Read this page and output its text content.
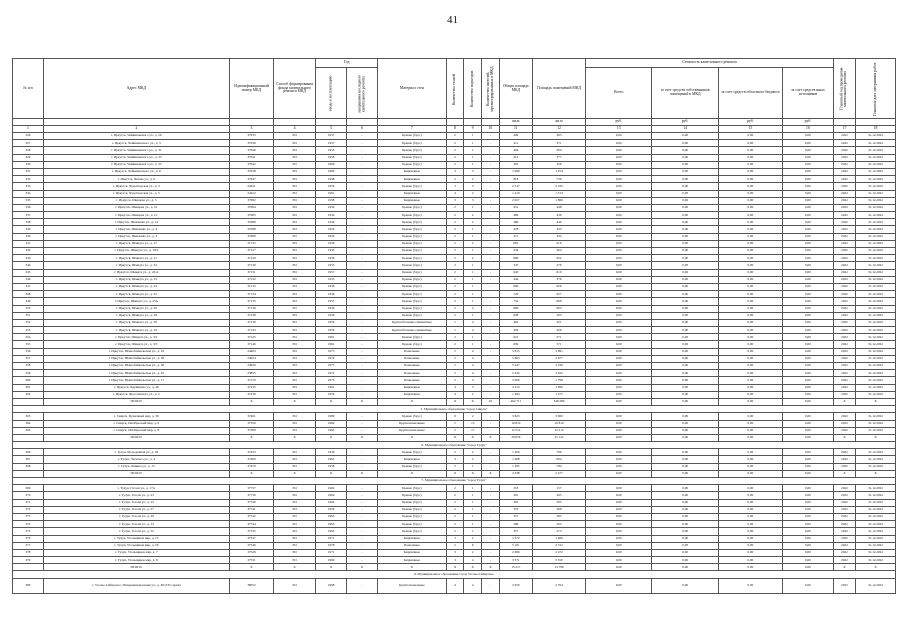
41
№ п/п	Адрес МКД	Идентификационный номер МКД	Способ формирования фонда капитального ремонта МКД	Год		Материал стен	Количество этажей	Количество подъездов	Количество жителей, зарегистрированных в МКД	Общая площадь МКД	Площадь помещений МКД	Стоимость капитального ремонта				Плановый год проведения капитального ремонта	Плановая дата завершения работ
				ввода в эксплуатацию	завершения последнего капитального ремонта							Всего	за счет средств собственников помещений в МКД	за счет средств областного бюджета	за счет средств иных источников		
										кв.м	кв.м	руб.	руб.	руб.	руб.		
1	2	3	4	5	6	7	8	9	10	11	12	13	14	15	16	17	18
326	г. Иркутск, Чайкиновского ул., д. 29	37035	РО	1957	-	Бревно (брус)	2	1	-	409	363	0,00	0,00	0,00	0,00	2022	31.12.2022
327	г. Иркутск, Чайкиновского ул., д. 3	37039	РО	1957	-	Бревно (брус)	2	1	-	411	371	0,00	0,00	0,00	0,00	2022	31.12.2022
328	г. Иркутск, Чайкиновского ул., д. 31	37040	РО	1953	-	Бревно (брус)	2	1	-	404	364	0,00	0,00	0,00	0,00	2022	31.12.2022
329	г. Иркутск, Чайкиновского ул., д. 33	37041	РО	1958	-	Бревно (брус)	2	1	-	415	377	0,00	0,00	0,00	0,00	2022	31.12.2022
330	г. Иркутск, Чайкиновского ул., д. 35	37042	РО	1960	-	Бревно (брус)	2	1	-	365	329	0,00	0,00	0,00	0,00	2022	31.12.2022
331	г. Иркутск, Чайкиновского ул., д. 9	37038	РО	1960	-	Кирпичные	3	3	-	1 990	1 254	0,00	0,00	0,00	0,00	2022	31.12.2022
332	г. Иркутск, Чехова ул., д. 6	37047	РО	1948	-	Кирпичные	2	2	-	818	736	0,00	0,00	0,00	0,00	2022	31.12.2022
333	г. Иркутск, Чудотворская ул., д. 3	24221	РО	1959	-	Бревно (брус)	3	3	-	2 517	2 332	0,00	0,00	0,00	0,00	2022	31.12.2022
334	г. Иркутск, Чудотворская ул., д. 5	24222	РО	1961	-	Кирпичные	4	2	-	1 410	1 313	0,00	0,00	0,00	0,00	2022	31.12.2022
335	г. Иркутск, Шевцова ул., д. 5	37082	РО	1958	-	Кирпичные	3	3	-	2 027	1 866	0,00	0,00	0,00	0,00	2022	31.12.2022
336	г. Иркутск, Шевцова ул., д. 10	37084	РО	1934	-	Бревно (брус)	2	1	-	451	448	0,00	0,00	0,00	0,00	2022	31.12.2022
337	г. Иркутск, Шевцова ул., д. 12	37085	РО	1934	-	Бревно (брус)	2	2	-	480	436	0,00	0,00	0,00	0,00	2022	31.12.2022
338	г. Иркутск, Шевченко ул., д. 14	37086	РО	1934	-	Бревно (брус)	2	2	-	480	440	0,00	0,00	0,00	0,00	2022	31.12.2022
339	г. Иркутск, Шевченко ул., д. 2	37088	РО	1934	-	Бревно (брус)	2	1	-	478	433	0,00	0,00	0,00	0,00	2022	31.12.2022
340	г. Иркутск, Шевченко ул., д. 4	37089	РО	1934	-	Бревно (брус)	2	1	-	471	432	0,00	0,00	0,00	0,00	2022	31.12.2022
341	г. Иркутск, Шмидта ул., д. 17	37132	РО	1936	-	Бревно (брус)	2	2	-	681	616	0,00	0,00	0,00	0,00	2022	31.12.2022
342	г. Иркутск, Шмидта ул., д. 19/2	37127	РО	1935	-	Бревно (брус)	2	1	-	434	404	0,00	0,00	0,00	0,00	2022	31.12.2022
343	г. Иркутск, Шмидта ул., д. 21	37129	РО	1936	-	Бревно (брус)	2	2	-	686	622	0,00	0,00	0,00	0,00	2022	31.12.2022
344	г. Иркутск, Шмидта ул., д. 22	37130	РО	1955	-	Бревно (брус)	2	1	-	347	279	0,00	0,00	0,00	0,00	2022	31.12.2022
345	г. Иркутск, Шмидта ул., д. 22/А	37131	РО	1957	-	Бревно (брус)	2	1	-	643	610	0,00	0,00	0,00	0,00	2022	31.12.2022
346	г. Иркутск, Шмидта ул., д. 23	37132	РО	1935	-	Бревно (брус)	2	1	-	444	376	0,00	0,00	0,00	0,00	2022	31.12.2022
347	г. Иркутск, Шмидта ул., д. 24	37133	РО	1936	-	Бревно (брус)	2	1	-	690	629	0,00	0,00	0,00	0,00	2022	31.12.2022
348	г. Иркутск, Шмидта ул., д. 25	37134	РО	1936	-	Бревно (брус)	2	1	-	720	657	0,00	0,00	0,00	0,00	2022	31.12.2022
349	г. Иркутск, Шмидта ул., д. 25А	37135	РО	1957	-	Бревно (брус)	2	1	-	752	698	0,00	0,00	0,00	0,00	2022	31.12.2022
350	г. Иркутск, Шмидта ул., д. 26	37136	РО	1936	-	Бревно (брус)	2	2	-	669	603	0,00	0,00	0,00	0,00	2022	31.12.2022
351	г. Иркутск, Шмидта ул., д. 28	37138	РО	1936	-	Бревно (брус)	2	1	-	628	563	0,00	0,00	0,00	0,00	2022	31.12.2022
352	г. Иркутск, Шмидта ул., д. 30	37139	РО	1950	-	Крупноблочные силикатные	1	4	-	462	421	0,00	0,00	0,00	0,00	2022	31.12.2022
353	г. Иркутск, Шмидта ул., д. 34	37143	РО	1950	-	Крупноблочные силикатные	1	4	-	436	429	0,00	0,00	0,00	0,00	2022	31.12.2022
354	г. Иркутск, Шмидта ул., д. 3/2	37145	РО	1961	-	Бревно (брус)	2	1	-	621	571	0,00	0,00	0,00	0,00	2022	31.12.2022
355	г. Иркутск, Шмидта ул., д. 3/3	37146	РО	1961	-	Бревно (брус)	2	1	-	630	571	0,00	0,00	0,00	0,00	2022	31.12.2022
356	г. Иркутск, Южнобайкальская ул., д. 18	24403	РО	1973	-	Панельные	5	4	-	5 815	3 891	0,00	0,00	0,00	0,00	2022	31.12.2022
357	г. Иркутск, Южнобайкальская ул., д. 38	24024	РО	1979	-	Панельные	5	4	-	5 663	2 677	0,00	0,00	0,00	0,00	2022	31.12.2022
358	г. Иркутск, Южнобайкальская ул., д. 36	24020	РО	1975	-	Панельные	5	4	-	5 247	3 330	0,00	0,00	0,00	0,00	2022	31.12.2022
359	г. Иркутск, Южнобайкальская ул., д. 45	23835	РО	1972	-	Панельные	5	4	-	5 232	3 325	0,00	0,00	0,00	0,00	2022	31.12.2022
360	г. Иркутск, Южнобайкальская ул., д. 17	37170	РО	1975	-	Панельные	5	4	-	2 006	1 798	0,00	0,00	0,00	0,00	2022	31.12.2022
361	г. Иркутск, Ядринцева ул., д. 46	37235	РО	1961	-	Кирпичные	4	3	-	3 413	1 990	0,00	0,00	0,00	0,00	2022	31.12.2022
362	г. Иркутск, Ярославского ул., д. 2	37239	РО	1959	-	Кирпичные	4	2	-	1 464	1 375	0,00	0,00	0,00	0,00	2022	31.12.2022
	ИТОГО:	X	X	X	X	X	X	X	10	492 711	348 286	0,00	0,00	0,00	0,00	X	X
5. Муниципальное образование "город Свирск"																	
363	г. Свирск, Кузнечный мкр, д. 30	37461	РО	1989	-	Бревно (брус)	9	2	-	3 623	3 060	0,00	0,00	0,00	0,00	2022	31.12.2022
364	г. Свирск, Октябрьский мкр, д. 6	37350	РО	1982	-	Крупнопанельные	5	15	-	10 819	10 819	0,00	0,00	0,00	0,00	2022	31.12.2022
365	г. Свирск, Октябрьский мкр, д. 8	37369	РО	1985	-	Крупнопанельные	5	17	-	12 214	12 214	0,00	0,00	0,00	0,00	2022	31.12.2022
	ИТОГО:	X	X	X	X	X	X	X	X	26 656	25 122	0,00	0,00	0,00	0,00	X	X
6. Муниципальное образование "город Тулун"																	
366	г. Тулун, Молодежная ул., д. 26	37433	РО	1939	-	Бревно (брус)	2	2	-	1 406	799	0,00	0,00	0,00	0,00	2022	31.12.2022
367	г. Тулун, Энгельса ул., д. 4	37460	РО	1965	-	Кирпичные	3	2	-	1 668	694	0,00	0,00	0,00	0,00	2022	31.12.2022
368	г. Тулун, Ленина ул., д. 15	37470	РО	1938	-	Бревно (брус)	2	1	-	1 265	784	0,00	0,00	0,00	0,00	2022	31.12.2022
	ИТОГО:	X	X	X	X	X	X	X	X	4 338	2 277	0,00	0,00	0,00	0,00	X	X
7. Муниципальное образование "город Тулун"																	
369	г. Тулун, Гоголя ул., д. 17А	37737	РО	1962	-	Бревно (брус)	2	1	-	253	157	0,00	0,00	0,00	0,00	2022	31.12.2022
370	г. Тулун, Гоголя ул., д. 23	37739	РО	1964	-	Бревно (брус)	2	1	-	361	265	0,00	0,00	0,00	0,00	2022	31.12.2022
371	г. Тулун, Гоголя ул., д. 25	37740	РО	1964	-	Бревно (брус)	2	1	-	365	295	0,00	0,00	0,00	0,00	2022	31.12.2022
372	г. Тулун, Гоголя ул., д. 27	37741	РО	1959	-	Бревно (брус)	2	1	-	370	298	0,00	0,00	0,00	0,00	2022	31.12.2022
373	г. Тулун, Гоголя ул., д. 29	37742	РО	1963	-	Бревно (брус)	2	1	-	357	285	0,00	0,00	0,00	0,00	2022	31.12.2022
374	г. Тулун, Гоголя ул., д. 33	37744	РО	1963	-	Бревно (брус)	2	1	-	280	265	0,00	0,00	0,00	0,00	2022	31.12.2022
375	г. Тулун, Гоголя ул., д. 35	37745	РО	1963	-	Бревно (брус)	2	1	-	357	273	0,00	0,00	0,00	0,00	2022	31.12.2022
376	г. Тулун, Угольщиков мкр, д. 13	37537	РО	1971	-	Кирпичные	3	2	-	1 572	1 466	0,00	0,00	0,00	0,00	2022	31.12.2022
377	г. Тулун, Угольщиков мкр, д. 20	37546	РО	1978	-	Панельные	5	6	-	5 101	4 722	0,00	0,00	0,00	0,00	2022	31.12.2022
378	г. Тулун, Угольщиков мкр, д. 7	37528	РО	1971	-	Кирпичные	3	2	-	2 606	2 472	0,00	0,00	0,00	0,00	2022	31.12.2022
379	г. Тулун, Угольщиков мкр, д. 8	37531	РО	1969	-	Кирпичные	3	4	-	3 571	3 350	0,00	0,00	0,00	0,00	2022	31.12.2022
	ИТОГО:	X	X	X	X	X	X	X	X	15 217	13 798	0,00	0,00	0,00	0,00	X	X
8. Муниципальное образование город Усолье-Сибирское																	
380	г. Усолье-Сибирское, Интернациональная ул., д. 48 (335 серия)	38052	РО	1968	-	Крупнопанельные	4	4	-	2 950	2 764	0,00	0,00	0,00	0,00	2022	31.12.2022
